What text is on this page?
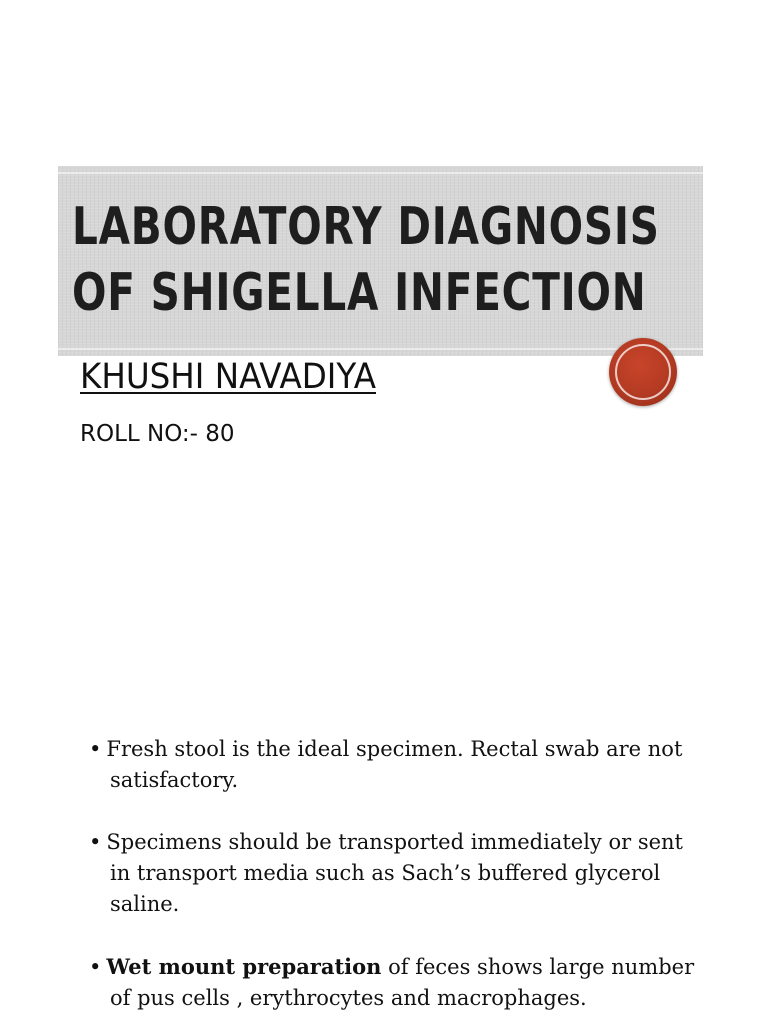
LABORATORY DIAGNOSIS
OF SHIGELLA INFECTION
KHUSHI NAVADIYA

ROLL NO:- 80

• Fresh stool is the ideal specimen. Rectal swab are not satisfactory.
• Specimens should be transported immediately or sent in transport media such as Sach’s buffered glycerol saline.
• Wet mount preparation of feces shows large number of pus cells , erythrocytes and macrophages.
